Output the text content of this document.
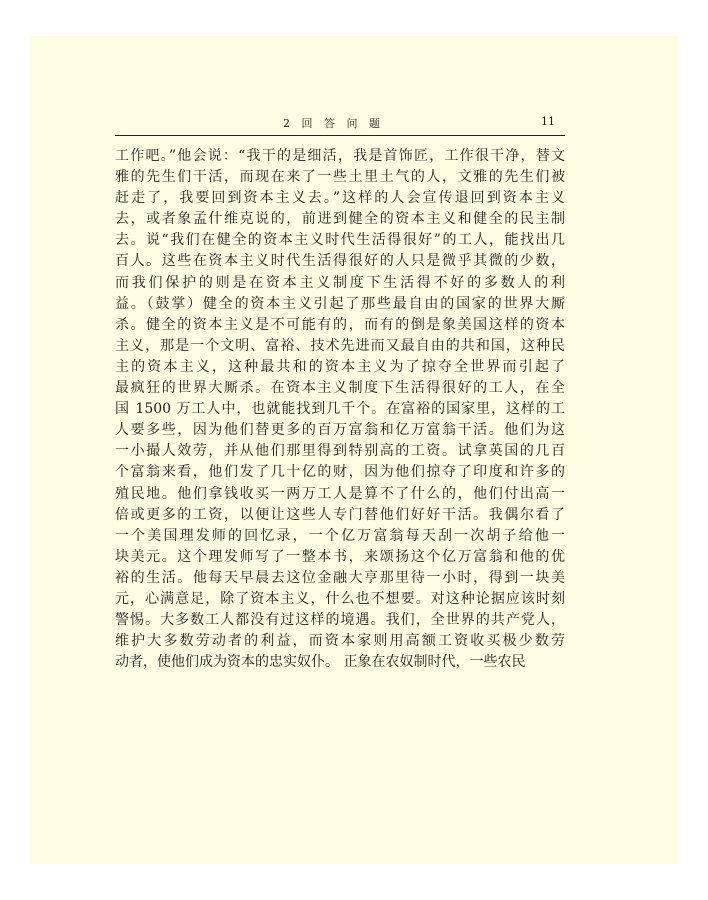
2 回 答 问 题	11
工作吧。”他会说：“我干的是细活，我是首饰匠，工作很干净，替文
雅的先生们干活，而现在来了一些土里土气的人，文雅的先生们被
赶走了，我要回到资本主义去。”这样的人会宣传退回到资本主义
去，或者象孟什维克说的，前进到健全的资本主义和健全的民主制
去。说“我们在健全的资本主义时代生活得很好”的工人，能找出几
百人。这些在资本主义时代生活得很好的人只是微乎其微的少数，
而我们保护的则是在资本主义制度下生活得不好的多数人的利
益。（鼓掌）健全的资本主义引起了那些最自由的国家的世界大厮
杀。健全的资本主义是不可能有的，而有的倒是象美国这样的资本
主义，那是一个文明、富裕、技术先进而又最自由的共和国，这种民
主的资本主义，这种最共和的资本主义为了掠夺全世界而引起了
最疯狂的世界大厮杀。在资本主义制度下生活得很好的工人，在全
国 1500 万工人中，也就能找到几千个。在富裕的国家里，这样的工
人要多些，因为他们替更多的百万富翁和亿万富翁干活。他们为这
一小撮人效劳，并从他们那里得到特别高的工资。试拿英国的几百
个富翁来看，他们发了几十亿的财，因为他们掠夺了印度和许多的
殖民地。他们拿钱收买一两万工人是算不了什么的，他们付出高一
倍或更多的工资，以便让这些人专门替他们好好干活。我偶尔看了
一个美国理发师的回忆录，一个亿万富翁每天刮一次胡子给他一
块美元。这个理发师写了一整本书，来颂扬这个亿万富翁和他的优
裕的生活。他每天早晨去这位金融大亨那里待一小时，得到一块美
元，心满意足，除了资本主义，什么也不想要。对这种论据应该时刻
警惕。大多数工人都没有过这样的境遇。我们，全世界的共产党人，
维护大多数劳动者的利益，而资本家则用高额工资收买极少数劳
动者，使他们成为资本的忠实奴仆。 正象在农奴制时代，一些农民
